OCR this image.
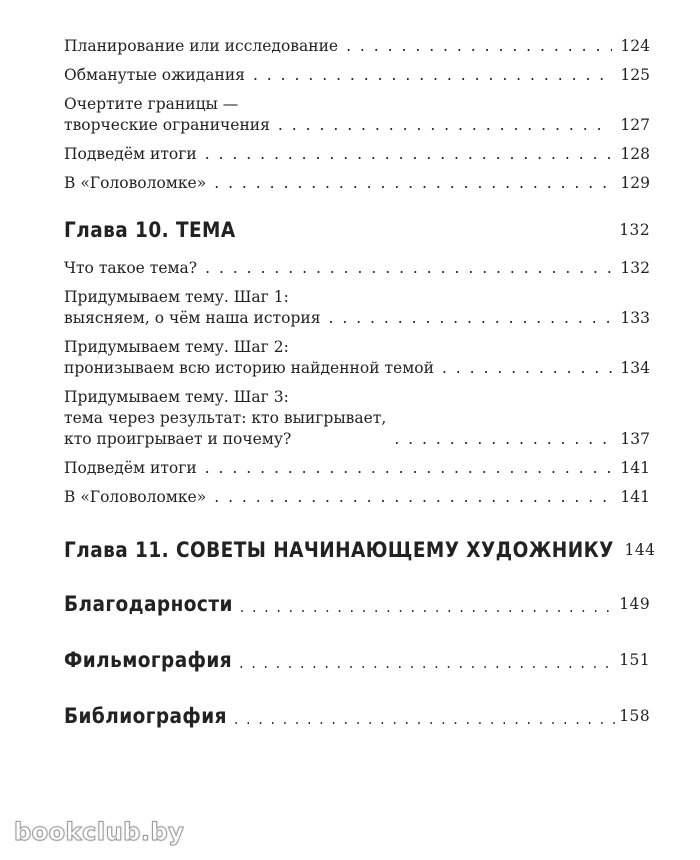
Планирование или исследование . . .	124
Обманутые ожидания . . .	125
Очертите границы —
творческие ограничения . . .	127
Подведём итоги . . .	128
В «Головоломке» . . .	129
Глава 10. ТЕМА	132
Что такое тема? . . .	132
Придумываем тему. Шаг 1:
выясняем, о чём наша история . . .	133
Придумываем тему. Шаг 2:
пронизываем всю историю найденной темой . . .	134
Придумываем тему. Шаг 3:
тема через результат: кто выигрывает,
кто проигрывает и почему? . . .	137
Подведём итоги . . .	141
В «Головоломке» . . .	141
Глава 11. СОВЕТЫ НАЧИНАЮЩЕМУ ХУДОЖНИКУ 144
Благодарности . . .	149
Фильмография . . .	151
Библиография . . .	158
bookclub.by
